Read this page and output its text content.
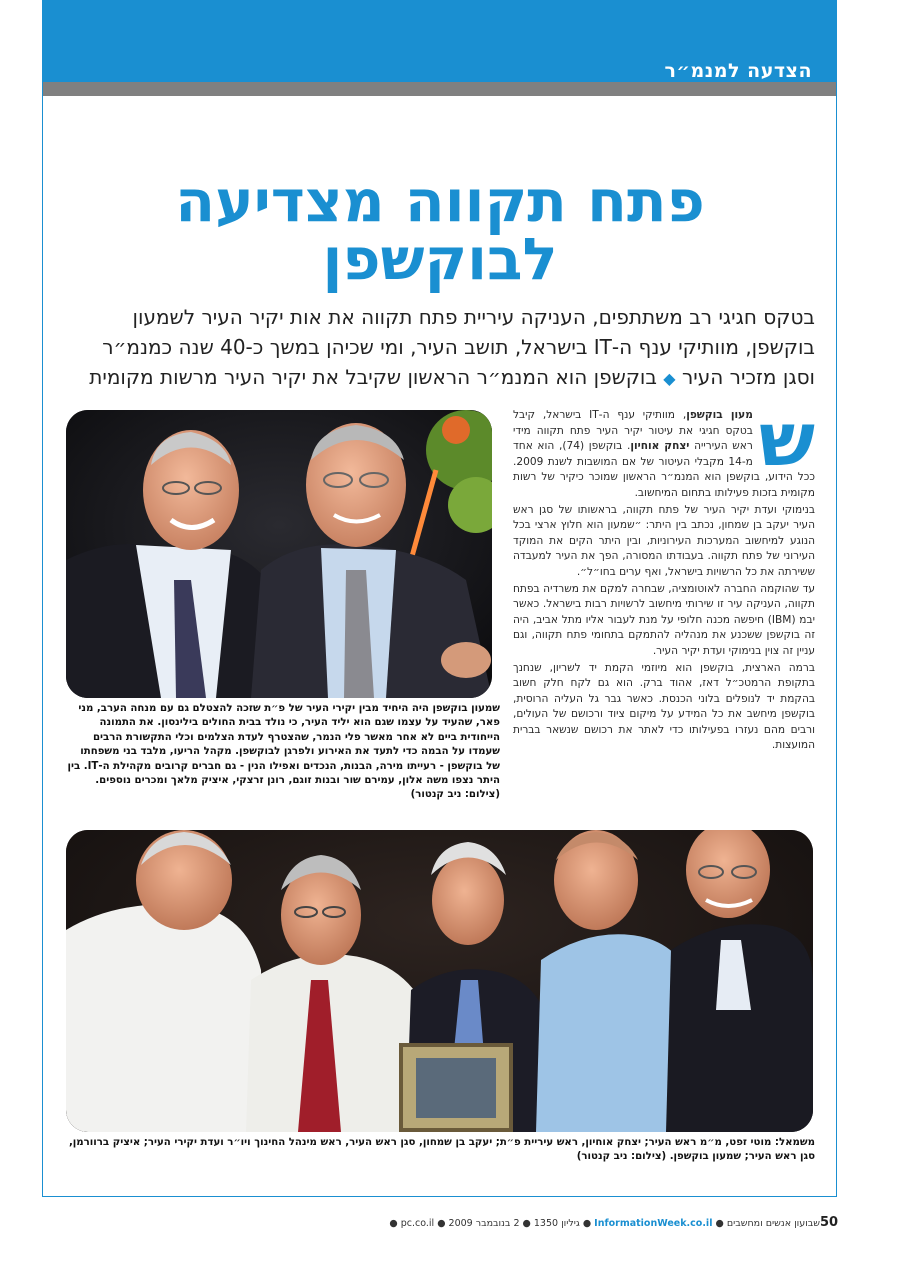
הצדעה למנמ״ר
פתח תקווה מצדיעה
לבוקשפן
בטקס חגיגי רב משתתפים, העניקה עיריית פתח תקווה את אות יקיר העיר לשמעון בוקשפן, מוותיקי ענף ה-IT בישראל, תושב העיר, ומי שכיהן במשך כ-40 שנה כמנמ״ר וסגן מזכיר העיר ◆ בוקשפן הוא המנמ״ר הראשון שקיבל את יקיר העיר מרשות מקומית

ש
מעון בוקשפן, מוותיקי ענף ה-IT בישראל, קיבל בטקס חגיגי את עיטור יקיר העיר פתח תקווה מידי ראש העירייה יצחק אוחיון. בוקשפן (74), הוא אחד מ-14 מקבלי העיטור של אם המושבות לשנת 2009. ככל הידוע, בוקשפן הוא המנמ״ר הראשון שמוכר כיקיר של רשות מקומית בזכות פעילותו בתחום המיחשוב.

בנימוקי ועדת יקיר העיר של פתח תקווה, בראשותו של סגן ראש העיר יעקב בן שמחון, נכתב בין היתר: ״שמעון הוא חלוץ ארצי בכל הנוגע למיחשוב המערכות העירוניות, ובין היתר הקים את המוקד העירוני של פתח תקווה. בעבודתו המסורה, הפך את העיר למעבדה ששירתה את כל הרשויות בישראל, ואף ערים בחו״ל״.

עד שהוקמה החברה לאוטומציה, שבחרה למקם את משרדיה בפתח תקווה, העניקה עיר זו שירותי מיחשוב לרשויות רבות בישראל. כאשר יבמ (IBM) חיפשה מכנה חלופי על מנת לעבור אליו מתל אביב, היה זה בוקשפן ששכנע את מנהליה להתמקם בתחומי פתח תקווה, וגם עניין זה צוין בנימוקי ועדת יקיר העיר.

ברמה הארצית, בוקשפן הוא מיוזמי הקמת יד לשריון, שנחנך בתקופת הרמטכ״ל דאז, אהוד ברק. הוא גם לקח חלק חשוב בהקמת יד לנופלים בלוני הכנסת. כאשר גבר גל העליה הרוסית, בוקשפן מיחשב את כל המידע על מיקום ציוד ורכושם של העולים, ורבים מהם נעזרו בפעילותו כדי לאתר את רכושם שנשאר בברית המועצות.

שמעון בוקשפן היה היחיד מבין יקירי העיר של פ״ת שזכה להצטלם גם עם מנחה הערב, מני פאר, שהעיד על עצמו שגם הוא יליד העיר, כי נולד בבית החולים בילינסון. את התמונה הייחודית ביים לא אחר מאשר פלי הנמר, שהצטרף לעדת הצלמים וכלי התקשורת הרבים שעמדו על הבמה כדי לתעד את האירוע ולפרגן לבוקשפן. מקהל הריעו, מלבד בני משפחתו של בוקשפן - רעייתו מירה, הבנות, הנכדים ואפילו הנין - גם חברים קרובים מקהילת ה-IT. בין היתר נצפו משה אלון, עמירם שור ובנות זוגם, רונן זרצקי, איציק מלאך ומכרים נוספים. (צילום: ניב קנטור)
משמאל: מוטי זפט, מ״מ ראש העיר; יצחק אוחיון, ראש עיריית פ״ת; יעקב בן שמחון, סגן ראש העיר, ראש מינהל החינוך ויו״ר ועדת יקירי העיר; איציק ברוורמן, סגן ראש העיר; שמעון בוקשפן. (צילום: ניב קנטור)
שבועון אנשים ומחשבים ● InformationWeek.co.il ● גיליון 1350 ● 2 בנובמבר 2009 ● pc.co.il ●	50
